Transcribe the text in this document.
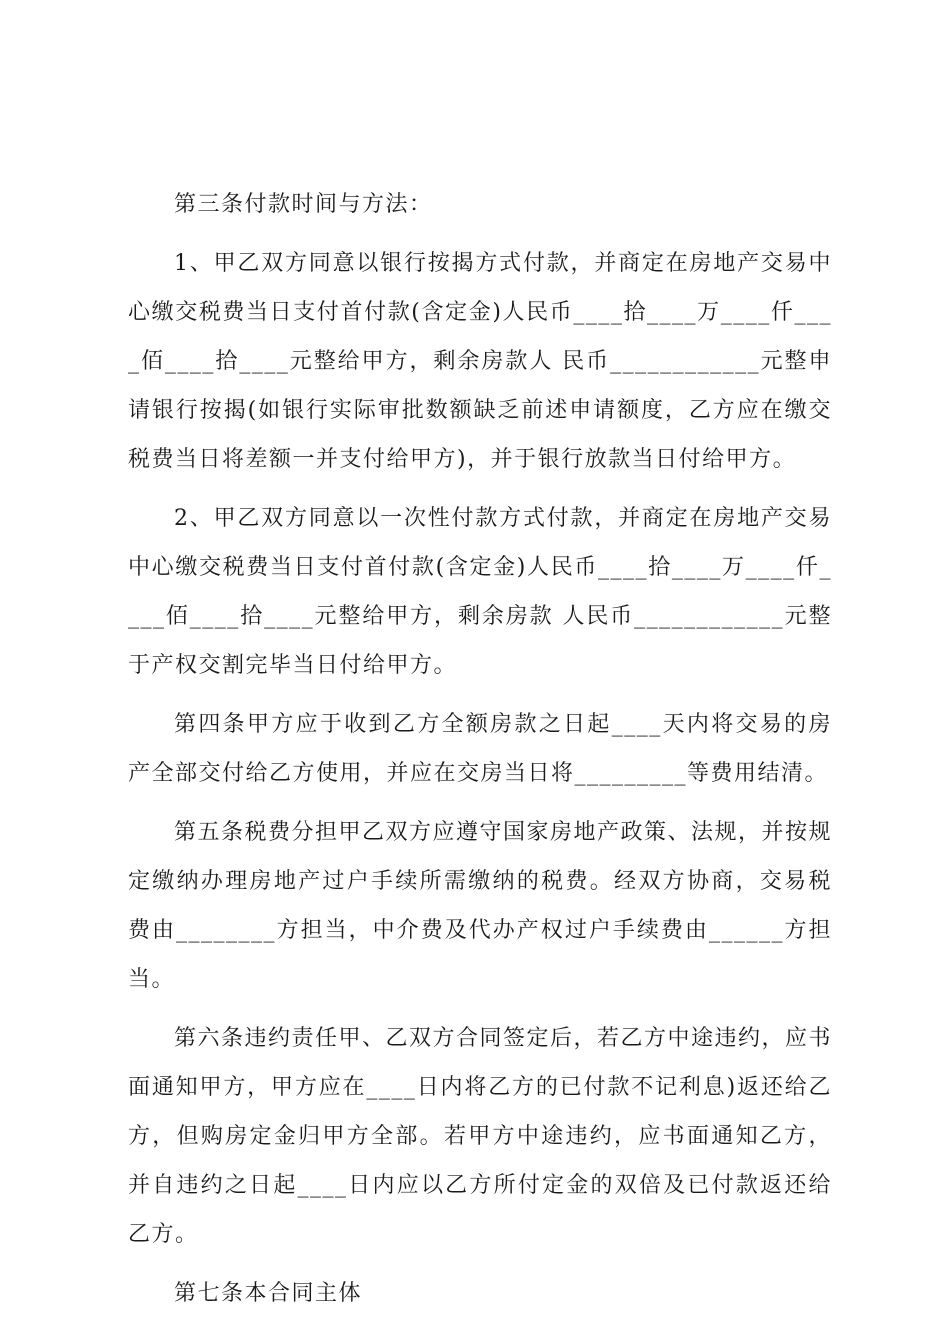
第三条付款时间与方法：

1、甲乙双方同意以银行按揭方式付款，并商定在房地产交易中心缴交税费当日支付首付款(含定金)人民币____拾____万____仟____佰____拾____元整给甲方，剩余房款人 民币____________元整申请银行按揭(如银行实际审批数额缺乏前述申请额度，乙方应在缴交税费当日将差额一并支付给甲方)，并于银行放款当日付给甲方。

2、甲乙双方同意以一次性付款方式付款，并商定在房地产交易中心缴交税费当日支付首付款(含定金)人民币____拾____万____仟____佰____拾____元整给甲方，剩余房款 人民币____________元整于产权交割完毕当日付给甲方。

第四条甲方应于收到乙方全额房款之日起____天内将交易的房产全部交付给乙方使用，并应在交房当日将_________等费用结清。

第五条税费分担甲乙双方应遵守国家房地产政策、法规，并按规定缴纳办理房地产过户手续所需缴纳的税费。经双方协商，交易税费由________方担当，中介费及代办产权过户手续费由______方担当。

第六条违约责任甲、乙双方合同签定后，若乙方中途违约，应书面通知甲方，甲方应在____日内将乙方的已付款不记利息)返还给乙方，但购房定金归甲方全部。若甲方中途违约，应书面通知乙方，并自违约之日起____日内应以乙方所付定金的双倍及已付款返还给乙方。

第七条本合同主体
